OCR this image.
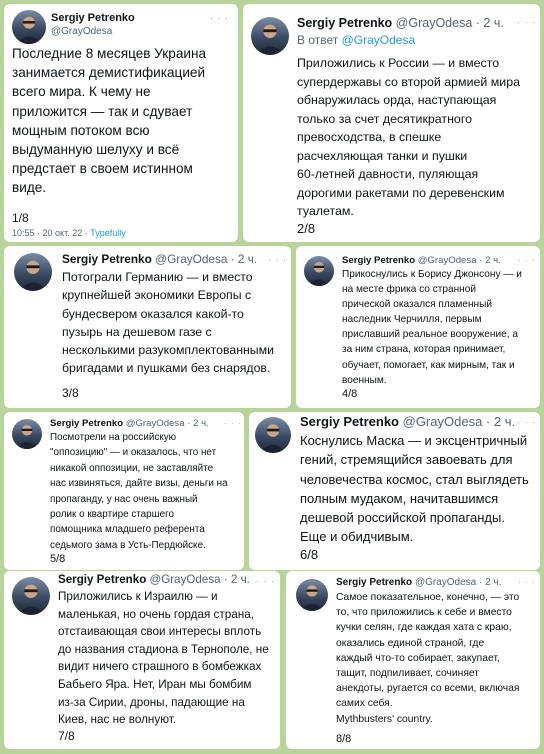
Sergiy Petrenko
@GrayOdesa
· · ·
Последние 8 месяцев Украина
занимается демистификацией
всего мира. К чему не
приложится — так и сдувает
мощным потоком всю
выдуманную шелуху и всё
предстает в своем истинном
виде.
1/8
10:55 · 20 окт. 22 · Typefully
Sergiy Petrenko @GrayOdesa · 2 ч. · · ·
В ответ @GrayOdesa
Приложились к России — и вместо
супердержавы со второй армией мира
обнаружилась орда, наступающая
только за счет десятикратного
превосходства, в спешке
расчехляющая танки и пушки
60-летней давности, пуляющая
дорогими ракетами по деревенским
туалетам.
2/8
Sergiy Petrenko @GrayOdesa · 2 ч. · · ·
Потограли Германию — и вместо
крупнейшей экономики Европы с
бундесвером оказался какой-то
пузырь на дешевом газе с
несколькими разукомплектованными
бригадами и пушками без снарядов.
3/8
Sergiy Petrenko @GrayOdesa · 2 ч. · · ·
Прикоснулись к Борису Джонсону — и
на месте фрика со странной
прической оказался пламенный
наследник Черчилля, первым
приславший реальное вооружение, а
за ним страна, которая принимает,
обучает, помогает, как мирным, так и
военным.
4/8
Sergiy Petrenko @GrayOdesa · 2 ч. · · ·
Посмотрели на российскую
"оппозицию" — и оказалось, что нет
никакой оппозиции, не заставляйте
нас извиняться, дайте визы, деньги на
пропаганду, у нас очень важный
ролик о квартире старшего
помощника младшего референта
седьмого зама в Усть-Пердюйске.
5/8
Sergiy Petrenko @GrayOdesa · 2 ч. · · ·
Коснулись Маска — и эксцентричный
гений, стремящийся завоевать для
человечества космос, стал выглядеть
полным мудаком, начитавшимся
дешевой российской пропаганды.
Еще и обидчивым.
6/8
Sergiy Petrenko @GrayOdesa · 2 ч. · · ·
Приложились к Израилю — и
маленькая, но очень гордая страна,
отстаивающая свои интересы вплоть
до названия стадиона в Тернополе, не
видит ничего страшного в бомбежках
Бабьего Яра. Нет, Иран мы бомбим
из-за Сирии, дроны, падающие на
Киев, нас не волнуют.
7/8
Sergiy Petrenko @GrayOdesa · 2 ч. · · ·
Самое показательное, конечно, — это
то, что приложились к себе и вместо
кучки селян, где каждая хата с краю,
оказались единой страной, где
каждый что-то собирает, закупает,
тащит, подпиливает, сочиняет
анекдоты, ругается со всеми, включая
самих себя.
Mythbusters' country.
8/8
